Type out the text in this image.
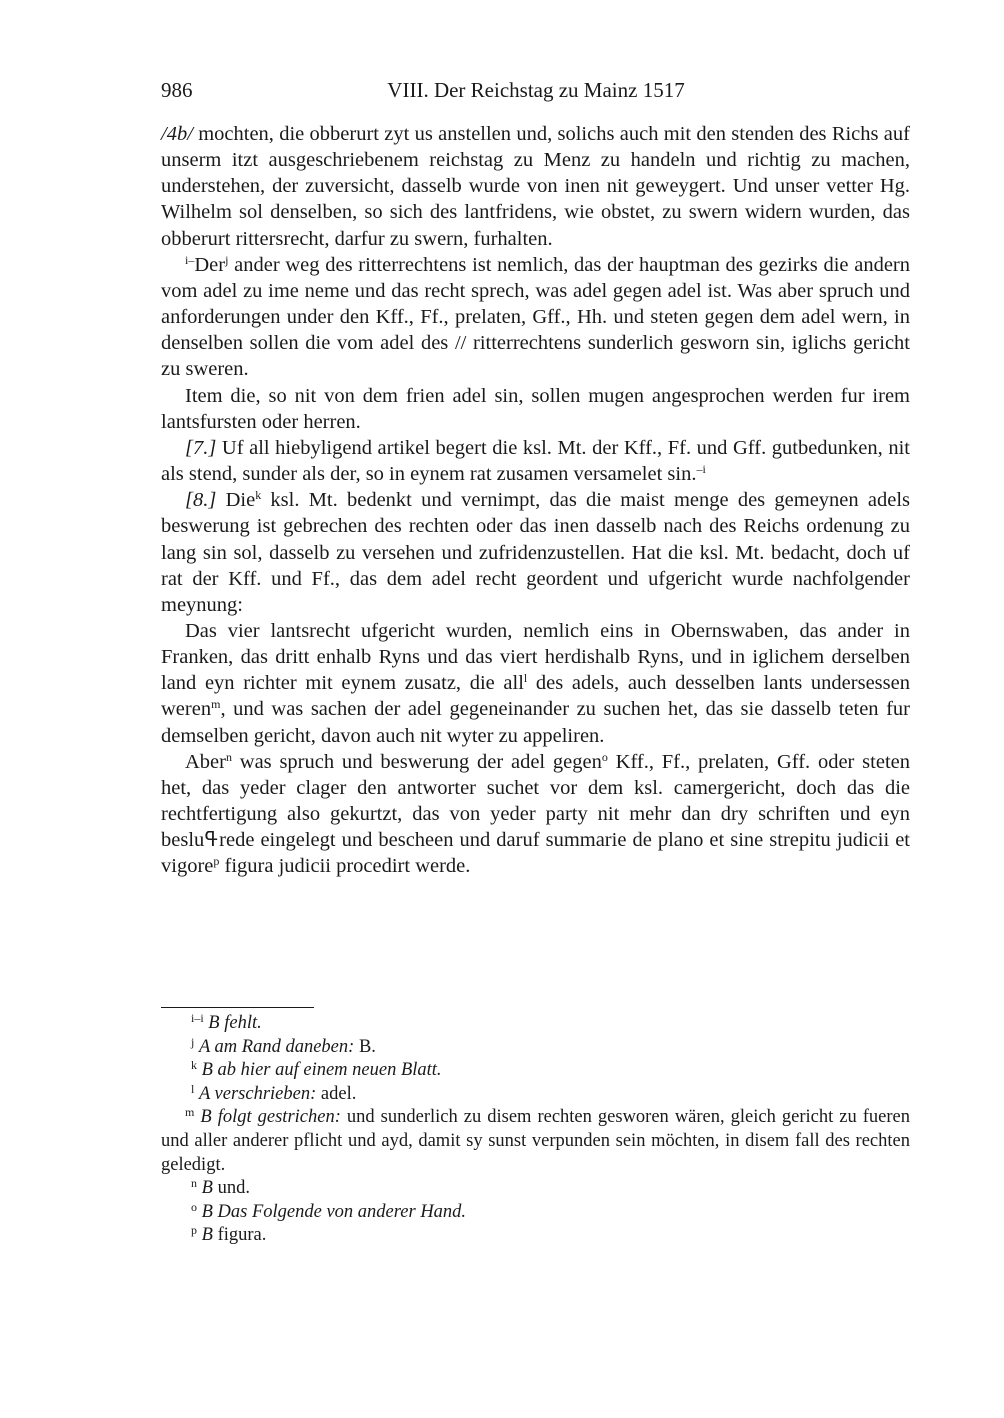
986	VIII. Der Reichstag zu Mainz 1517

/4b/ mochten, die obberurt zyt us anstellen und, solichs auch mit den stenden des Richs auf unserm itzt ausgeschriebenem reichstag zu Menz zu handeln und richtig zu machen, understehen, der zuversicht, dasselb wurde von inen nit geweygert. Und unser vetter Hg. Wilhelm sol denselben, so sich des lantfridens, wie obstet, zu swern widern wurden, das obberurt rittersrecht, darfur zu swern, furhalten.

$^{i-}$Der$^j$ ander weg des ritterrechtens ist nemlich, das der hauptman des gezirks die andern vom adel zu ime neme und das recht sprech, was adel gegen adel ist. Was aber spruch und anforderungen under den Kff., Ff., prelaten, Gff., Hh. und steten gegen dem adel wern, in denselben sollen die vom adel des // ritterrechtens sunderlich gesworn sin, iglichs gericht zu sweren.

Item die, so nit von dem frien adel sin, sollen mugen angesprochen werden fur irem lantsfursten oder herren.

[7.] Uf all hiebyligend artikel begert die ksl. Mt. der Kff., Ff. und Gff. gutbedunken, nit als stend, sunder als der, so in eynem rat zusamen versamelet sin.$^{-i}$

[8.] Die$^k$ ksl. Mt. bedenkt und vernimpt, das die maist menge des gemeynen adels beswerung ist gebrechen des rechten oder das inen dasselb nach des Reichs ordenung zu lang sin sol, dasselb zu versehen und zufridenzustellen. Hat die ksl. Mt. bedacht, doch uf rat der Kff. und Ff., das dem adel recht geordent und ufgericht wurde nachfolgender meynung:

Das vier lantsrecht ufgericht wurden, nemlich eins in Obernswaben, das ander in Franken, das dritt enhalb Ryns und das viert herdishalb Ryns, und in iglichem derselben land eyn richter mit eynem zusatz, die all$^l$ des adels, auch desselben lants undersessen weren$^m$, und was sachen der adel gegeneinander zu suchen het, das sie dasselb teten fur demselben gericht, davon auch nit wyter zu appeliren.

Aber$^n$ was spruch und beswerung der adel gegen$^o$ Kff., Ff., prelaten, Gff. oder steten het, das yeder clager den antworter suchet vor dem ksl. camergericht, doch das die rechtfertigung also gekurtzt, das von yeder party nit mehr dan dry schriften und eyn besluߟrede eingelegt und bescheen und daruf summarie de plano et sine strepitu judicii et vigore$^p$ figura judicii procedirt werde.

$^{i-i}$ B fehlt.

$^j$ A am Rand daneben: B.

$^k$ B ab hier auf einem neuen Blatt.

$^l$ A verschrieben: adel.

$^m$ B folgt gestrichen: und sunderlich zu disem rechten gesworen wären, gleich gericht zu fueren und aller anderer pflicht und ayd, damit sy sunst verpunden sein möchten, in disem fall des rechten geledigt.

$^n$ B und.

$^o$ B Das Folgende von anderer Hand.

$^p$ B figura.
